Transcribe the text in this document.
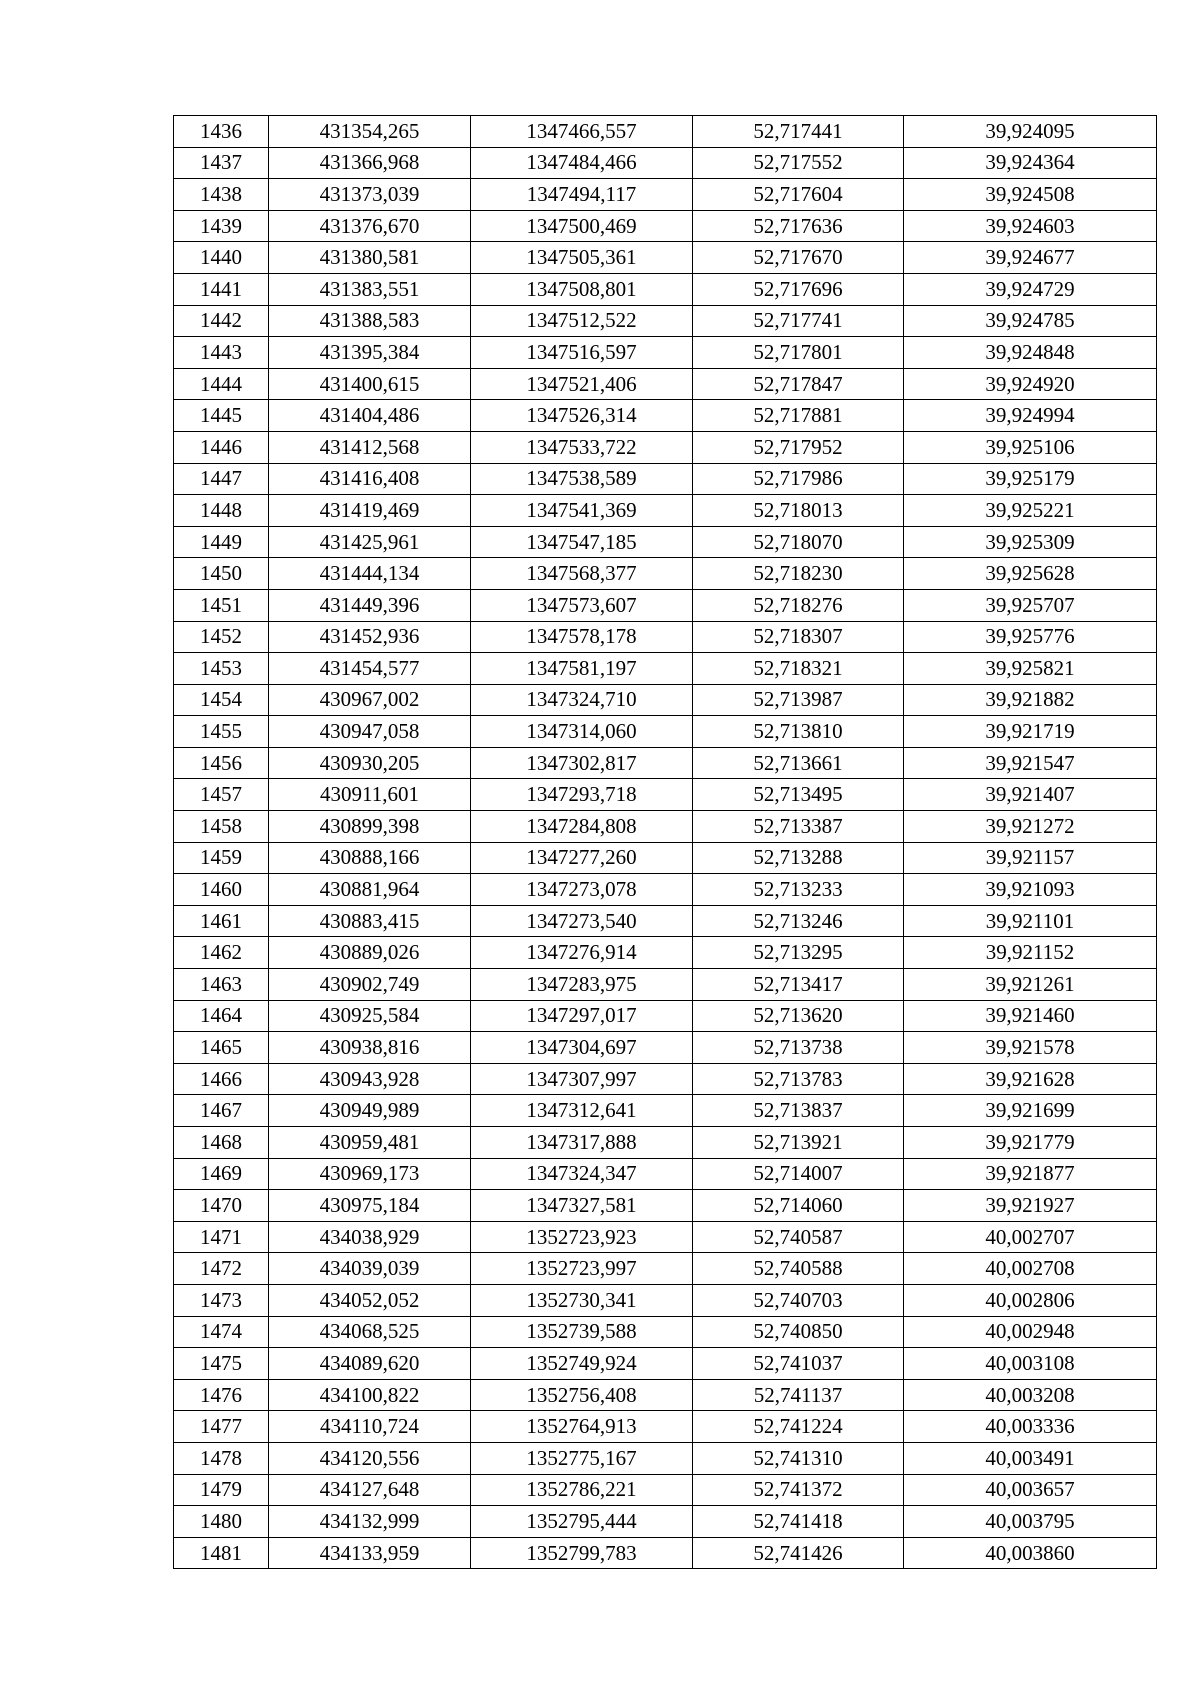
1436	431354,265	1347466,557	52,717441	39,924095
1437	431366,968	1347484,466	52,717552	39,924364
1438	431373,039	1347494,117	52,717604	39,924508
1439	431376,670	1347500,469	52,717636	39,924603
1440	431380,581	1347505,361	52,717670	39,924677
1441	431383,551	1347508,801	52,717696	39,924729
1442	431388,583	1347512,522	52,717741	39,924785
1443	431395,384	1347516,597	52,717801	39,924848
1444	431400,615	1347521,406	52,717847	39,924920
1445	431404,486	1347526,314	52,717881	39,924994
1446	431412,568	1347533,722	52,717952	39,925106
1447	431416,408	1347538,589	52,717986	39,925179
1448	431419,469	1347541,369	52,718013	39,925221
1449	431425,961	1347547,185	52,718070	39,925309
1450	431444,134	1347568,377	52,718230	39,925628
1451	431449,396	1347573,607	52,718276	39,925707
1452	431452,936	1347578,178	52,718307	39,925776
1453	431454,577	1347581,197	52,718321	39,925821
1454	430967,002	1347324,710	52,713987	39,921882
1455	430947,058	1347314,060	52,713810	39,921719
1456	430930,205	1347302,817	52,713661	39,921547
1457	430911,601	1347293,718	52,713495	39,921407
1458	430899,398	1347284,808	52,713387	39,921272
1459	430888,166	1347277,260	52,713288	39,921157
1460	430881,964	1347273,078	52,713233	39,921093
1461	430883,415	1347273,540	52,713246	39,921101
1462	430889,026	1347276,914	52,713295	39,921152
1463	430902,749	1347283,975	52,713417	39,921261
1464	430925,584	1347297,017	52,713620	39,921460
1465	430938,816	1347304,697	52,713738	39,921578
1466	430943,928	1347307,997	52,713783	39,921628
1467	430949,989	1347312,641	52,713837	39,921699
1468	430959,481	1347317,888	52,713921	39,921779
1469	430969,173	1347324,347	52,714007	39,921877
1470	430975,184	1347327,581	52,714060	39,921927
1471	434038,929	1352723,923	52,740587	40,002707
1472	434039,039	1352723,997	52,740588	40,002708
1473	434052,052	1352730,341	52,740703	40,002806
1474	434068,525	1352739,588	52,740850	40,002948
1475	434089,620	1352749,924	52,741037	40,003108
1476	434100,822	1352756,408	52,741137	40,003208
1477	434110,724	1352764,913	52,741224	40,003336
1478	434120,556	1352775,167	52,741310	40,003491
1479	434127,648	1352786,221	52,741372	40,003657
1480	434132,999	1352795,444	52,741418	40,003795
1481	434133,959	1352799,783	52,741426	40,003860
